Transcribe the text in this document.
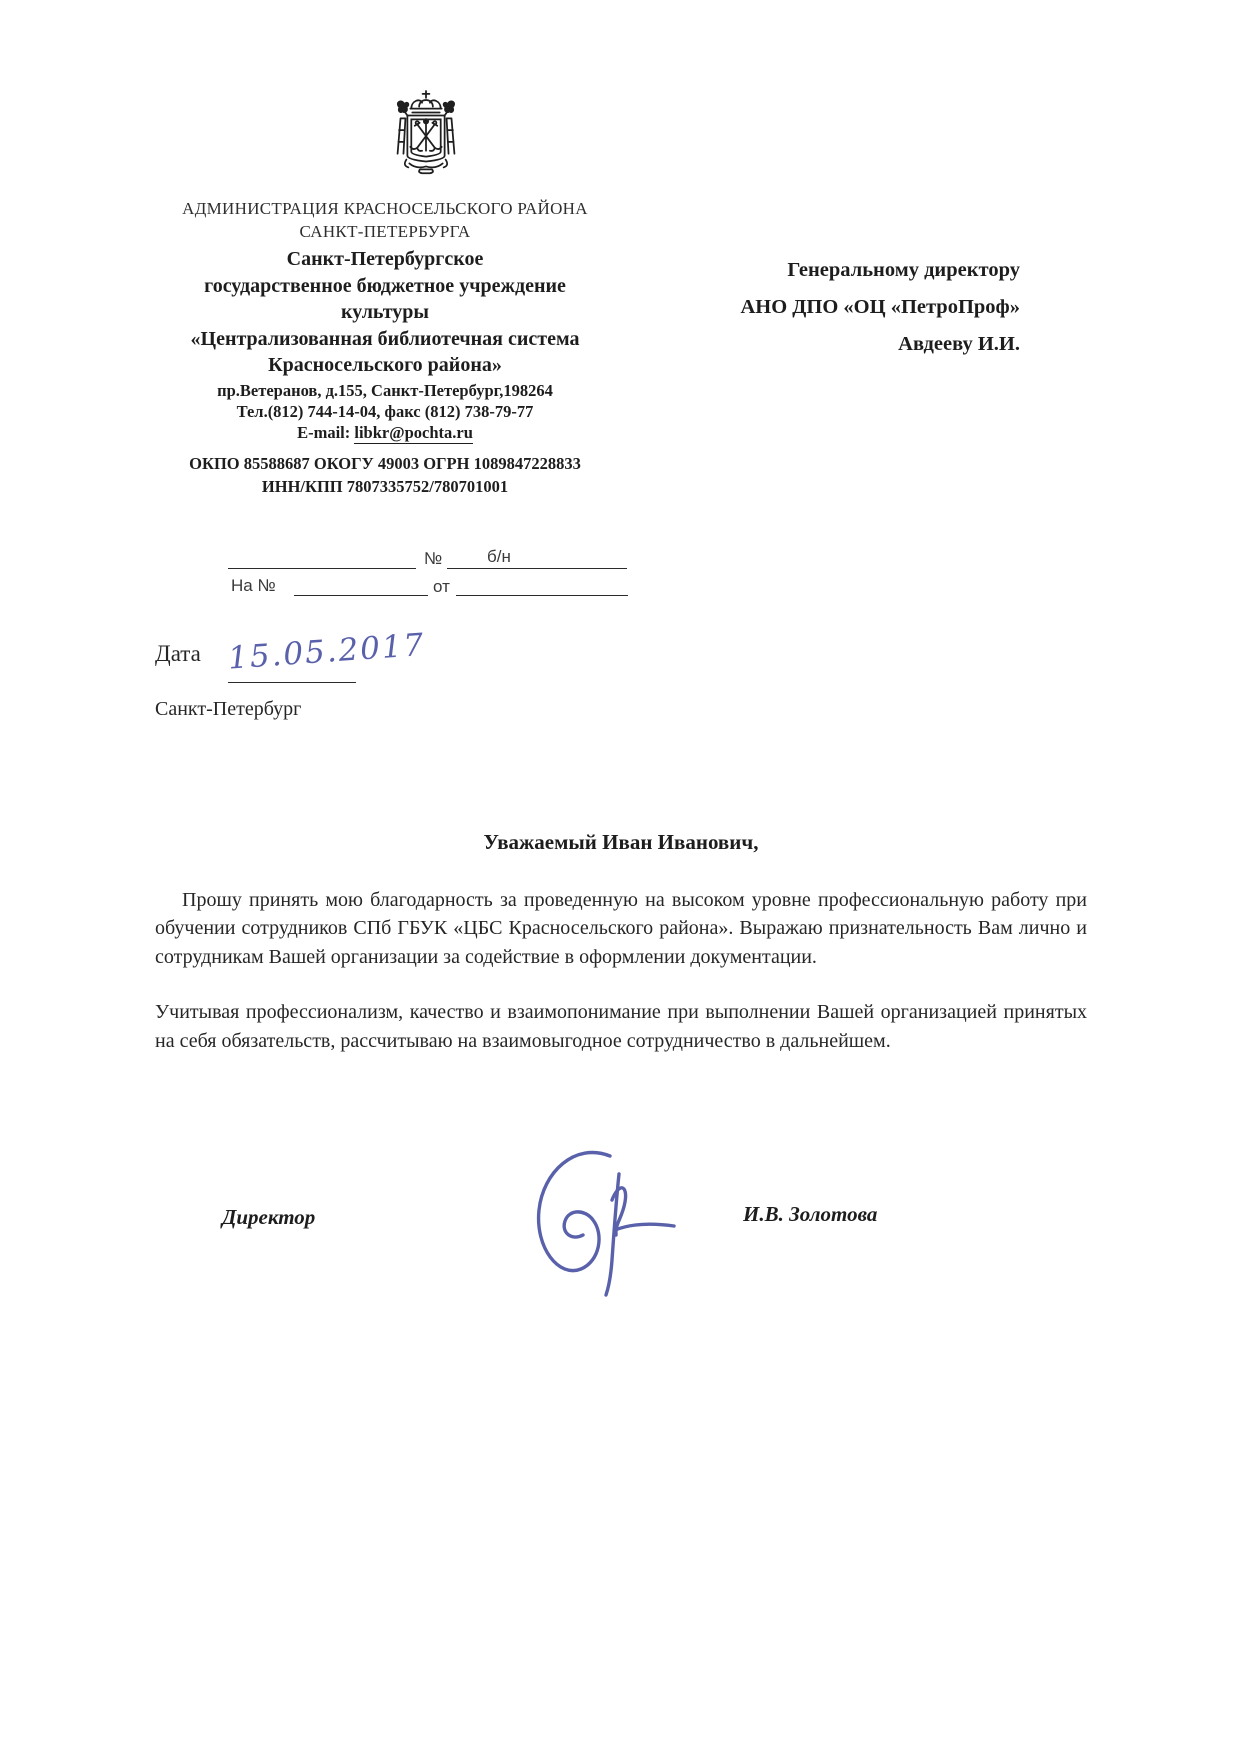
АДМИНИСТРАЦИЯ КРАСНОСЕЛЬСКОГО РАЙОНА
САНКТ-ПЕТЕРБУРГА
Санкт-Петербургское
государственное бюджетное учреждение
культуры
«Централизованная библиотечная система
Красносельского района»
Генеральному директору
АНО ДПО «ОЦ «ПетроПроф»
Авдееву И.И.
пр.Ветеранов, д.155, Санкт-Петербург,198264
Тел.(812) 744-14-04, факс (812) 738-79-77
E-mail: libkr@pochta.ru
ОКПО 85588687 ОКОГУ 49003 ОГРН 1089847228833
ИНН/КПП 7807335752/780701001
№	б/н
На №	от
Дата 15.05.2017
Санкт-Петербург
Уважаемый Иван Иванович,

Прошу принять мою благодарность за проведенную на высоком уровне профессиональную работу при обучении сотрудников СПб ГБУК «ЦБС Красносельского района». Выражаю признательность Вам лично и сотрудникам Вашей организации за содействие в оформлении документации.

Учитывая профессионализм, качество и взаимопонимание при выполнении Вашей организацией принятых на себя обязательств, рассчитываю на взаимовыгодное сотрудничество в дальнейшем.

Директор	И.В. Золотова
